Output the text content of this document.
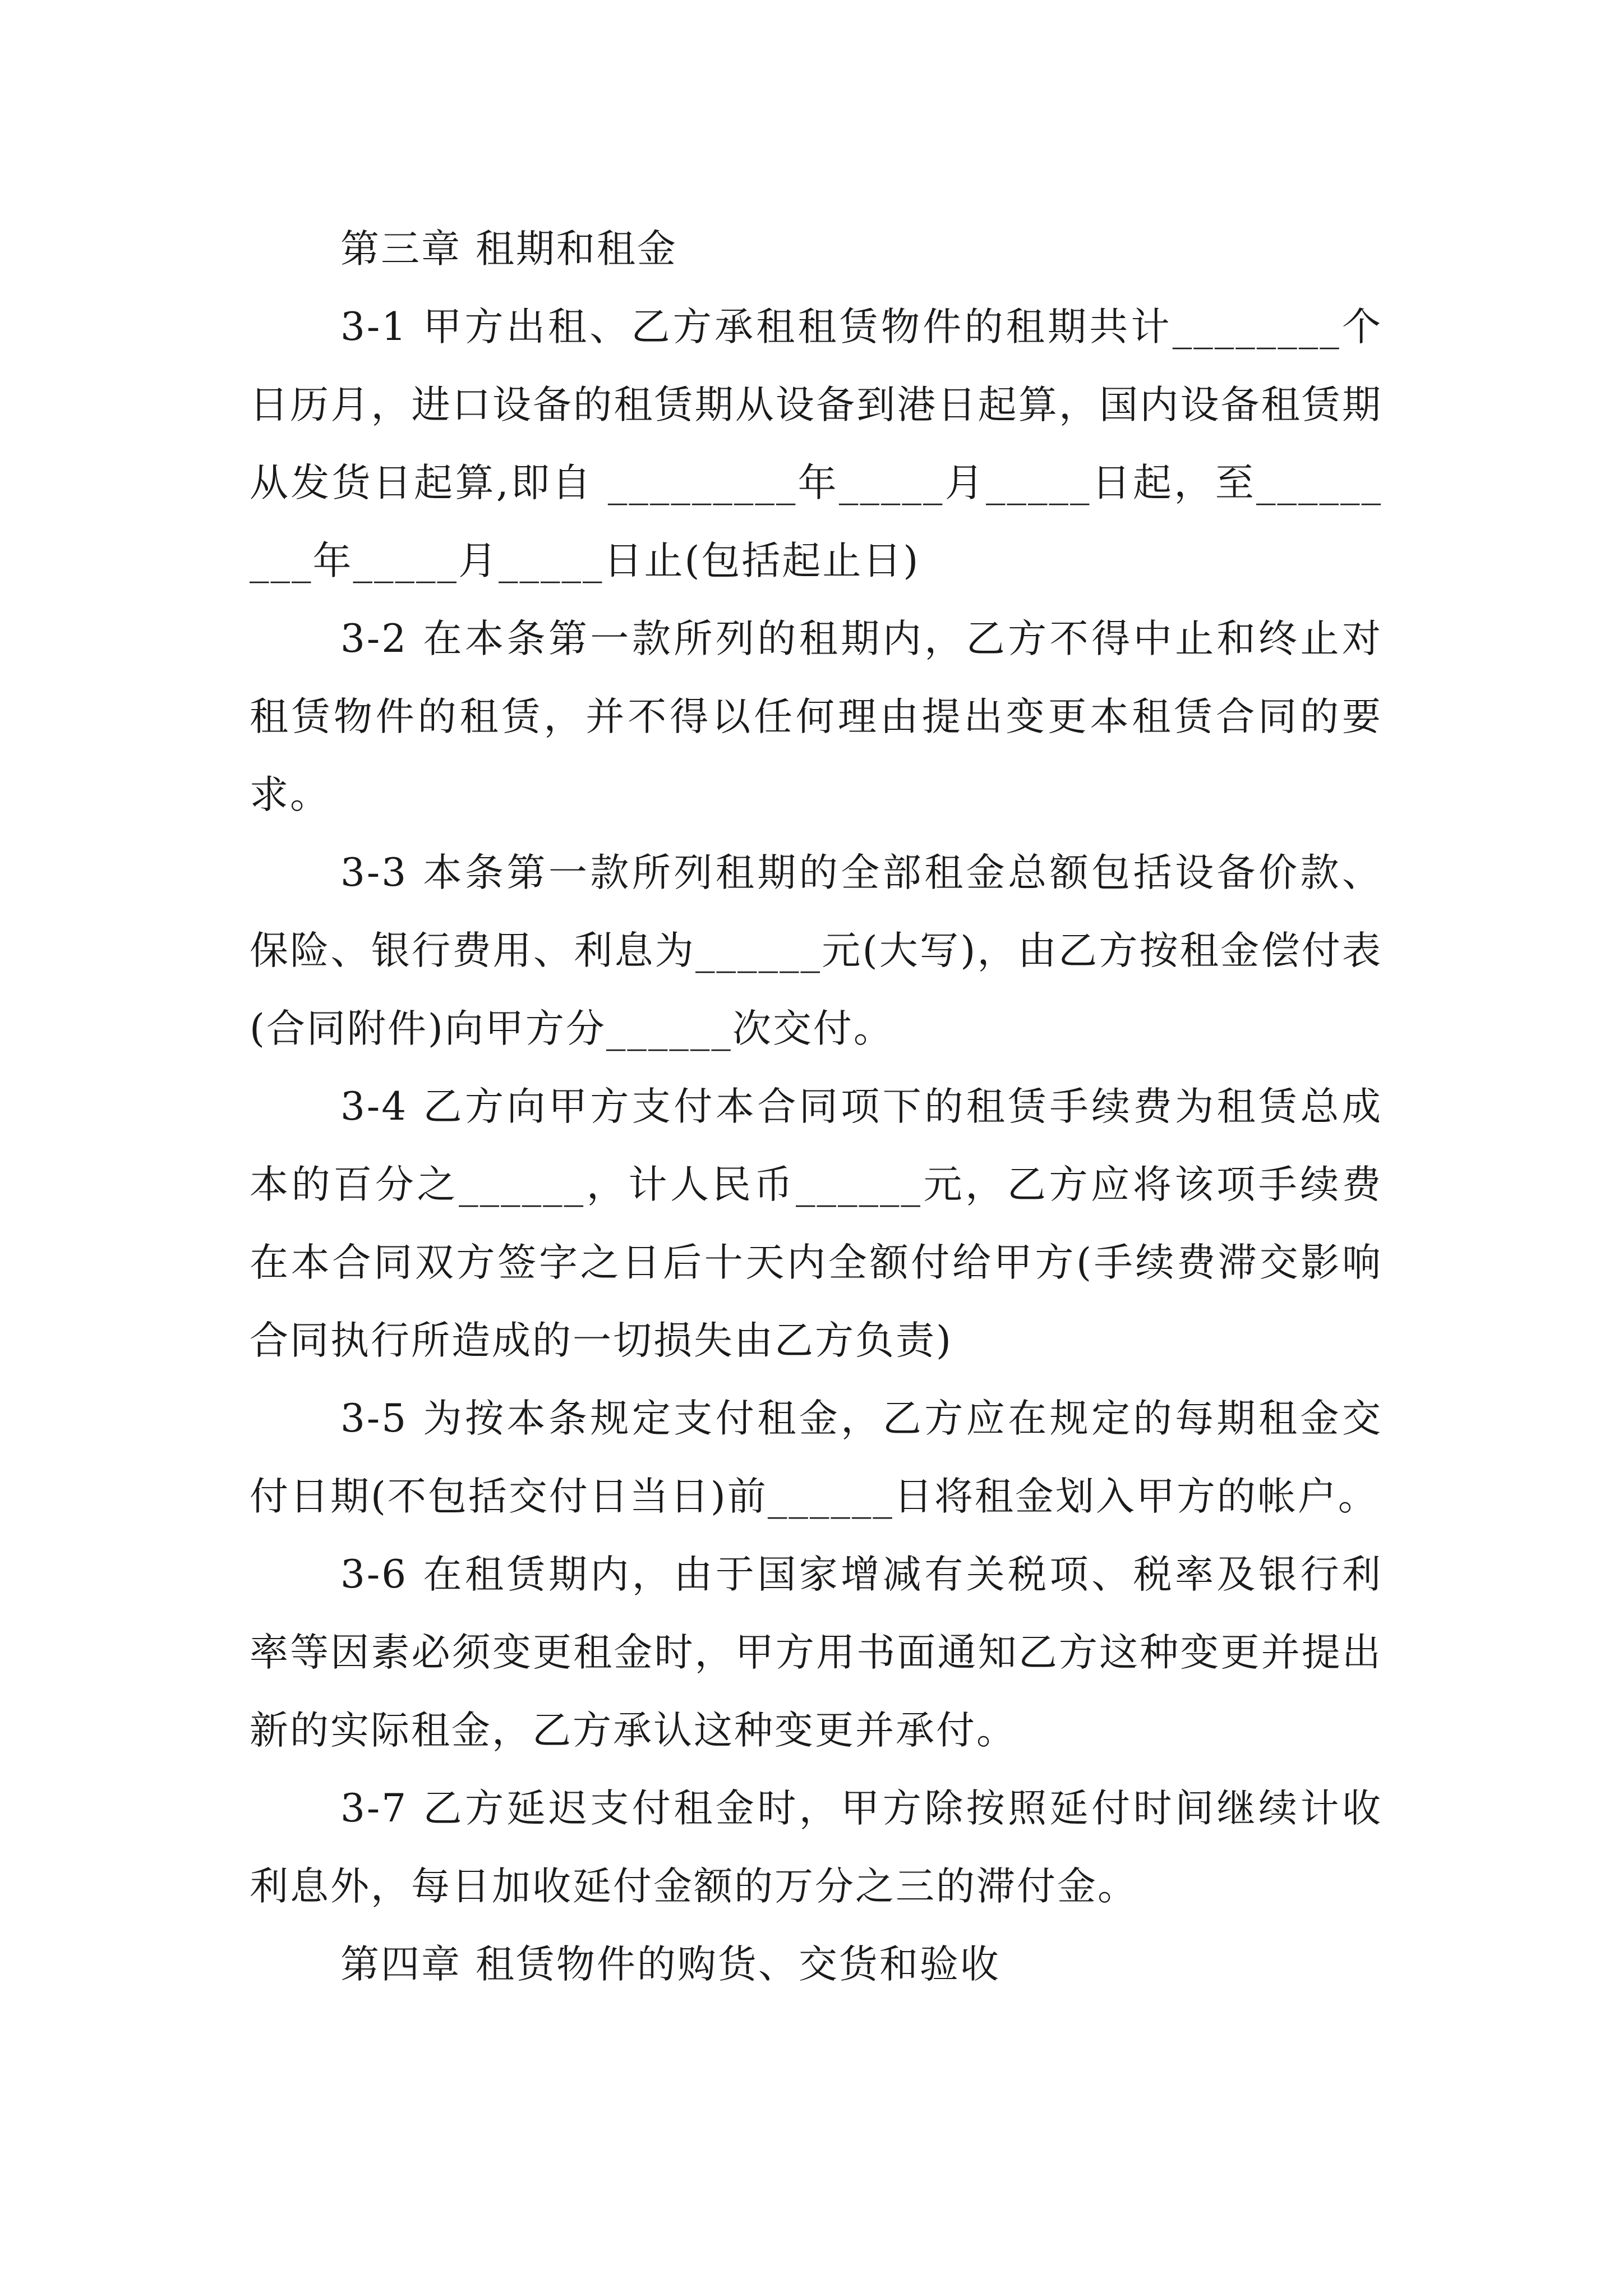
第三章 租期和租金

3-1 甲方出租、乙方承租租赁物件的租期共计________个日历月，进口设备的租赁期从设备到港日起算，国内设备租赁期从发货日起算,即自 _________年_____月_____日起，至_________年_____月_____日止(包括起止日)

3-2 在本条第一款所列的租期内，乙方不得中止和终止对租赁物件的租赁，并不得以任何理由提出变更本租赁合同的要求。

3-3 本条第一款所列租期的全部租金总额包括设备价款、保险、银行费用、利息为______元(大写)，由乙方按租金偿付表(合同附件)向甲方分______次交付。

3-4 乙方向甲方支付本合同项下的租赁手续费为租赁总成本的百分之______，计人民币______元，乙方应将该项手续费在本合同双方签字之日后十天内全额付给甲方(手续费滞交影响合同执行所造成的一切损失由乙方负责)

3-5 为按本条规定支付租金，乙方应在规定的每期租金交付日期(不包括交付日当日)前______日将租金划入甲方的帐户。

3-6 在租赁期内，由于国家增减有关税项、税率及银行利率等因素必须变更租金时，甲方用书面通知乙方这种变更并提出新的实际租金，乙方承认这种变更并承付。

3-7 乙方延迟支付租金时，甲方除按照延付时间继续计收利息外，每日加收延付金额的万分之三的滞付金。

第四章 租赁物件的购货、交货和验收
